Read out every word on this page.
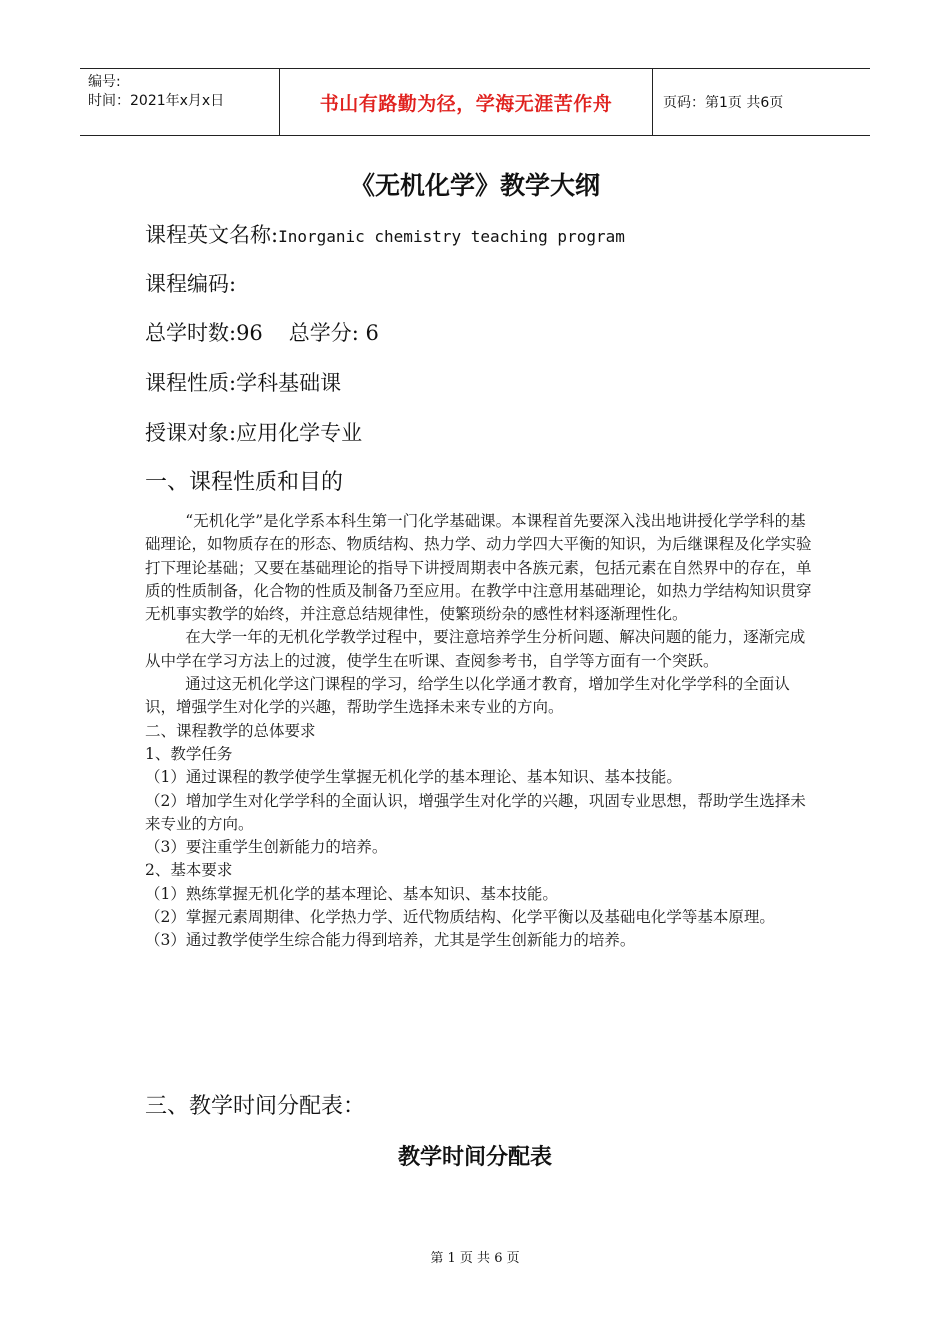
编号:
时间：2021年x月x日	书山有路勤为径，学海无涯苦作舟	页码：第1页 共6页
《无机化学》教学大纲
课程英文名称:Inorganic chemistry teaching program
课程编码:
总学时数:96 总学分: 6
课程性质:学科基础课
授课对象:应用化学专业
一、课程性质和目的

“无机化学”是化学系本科生第一门化学基础课。本课程首先要深入浅出地讲授化学学科的基础理论，如物质存在的形态、物质结构、热力学、动力学四大平衡的知识，为后继课程及化学实验打下理论基础；又要在基础理论的指导下讲授周期表中各族元素，包括元素在自然界中的存在，单质的性质制备，化合物的性质及制备乃至应用。在教学中注意用基础理论，如热力学结构知识贯穿无机事实教学的始终，并注意总结规律性，使繁琐纷杂的感性材料逐渐理性化。

在大学一年的无机化学教学过程中，要注意培养学生分析问题、解决问题的能力，逐渐完成从中学在学习方法上的过渡，使学生在听课、查阅参考书，自学等方面有一个突跃。

通过这无机化学这门课程的学习，给学生以化学通才教育，增加学生对化学学科的全面认识，增强学生对化学的兴趣，帮助学生选择未来专业的方向。

二、课程教学的总体要求

1、教学任务

（1）通过课程的教学使学生掌握无机化学的基本理论、基本知识、基本技能。

（2）增加学生对化学学科的全面认识，增强学生对化学的兴趣，巩固专业思想，帮助学生选择未来专业的方向。

（3）要注重学生创新能力的培养。

2、基本要求

（1）熟练掌握无机化学的基本理论、基本知识、基本技能。

（2）掌握元素周期律、化学热力学、近代物质结构、化学平衡以及基础电化学等基本原理。

（3）通过教学使学生综合能力得到培养，尤其是学生创新能力的培养。

三、教学时间分配表：
教学时间分配表
第 1 页 共 6 页
